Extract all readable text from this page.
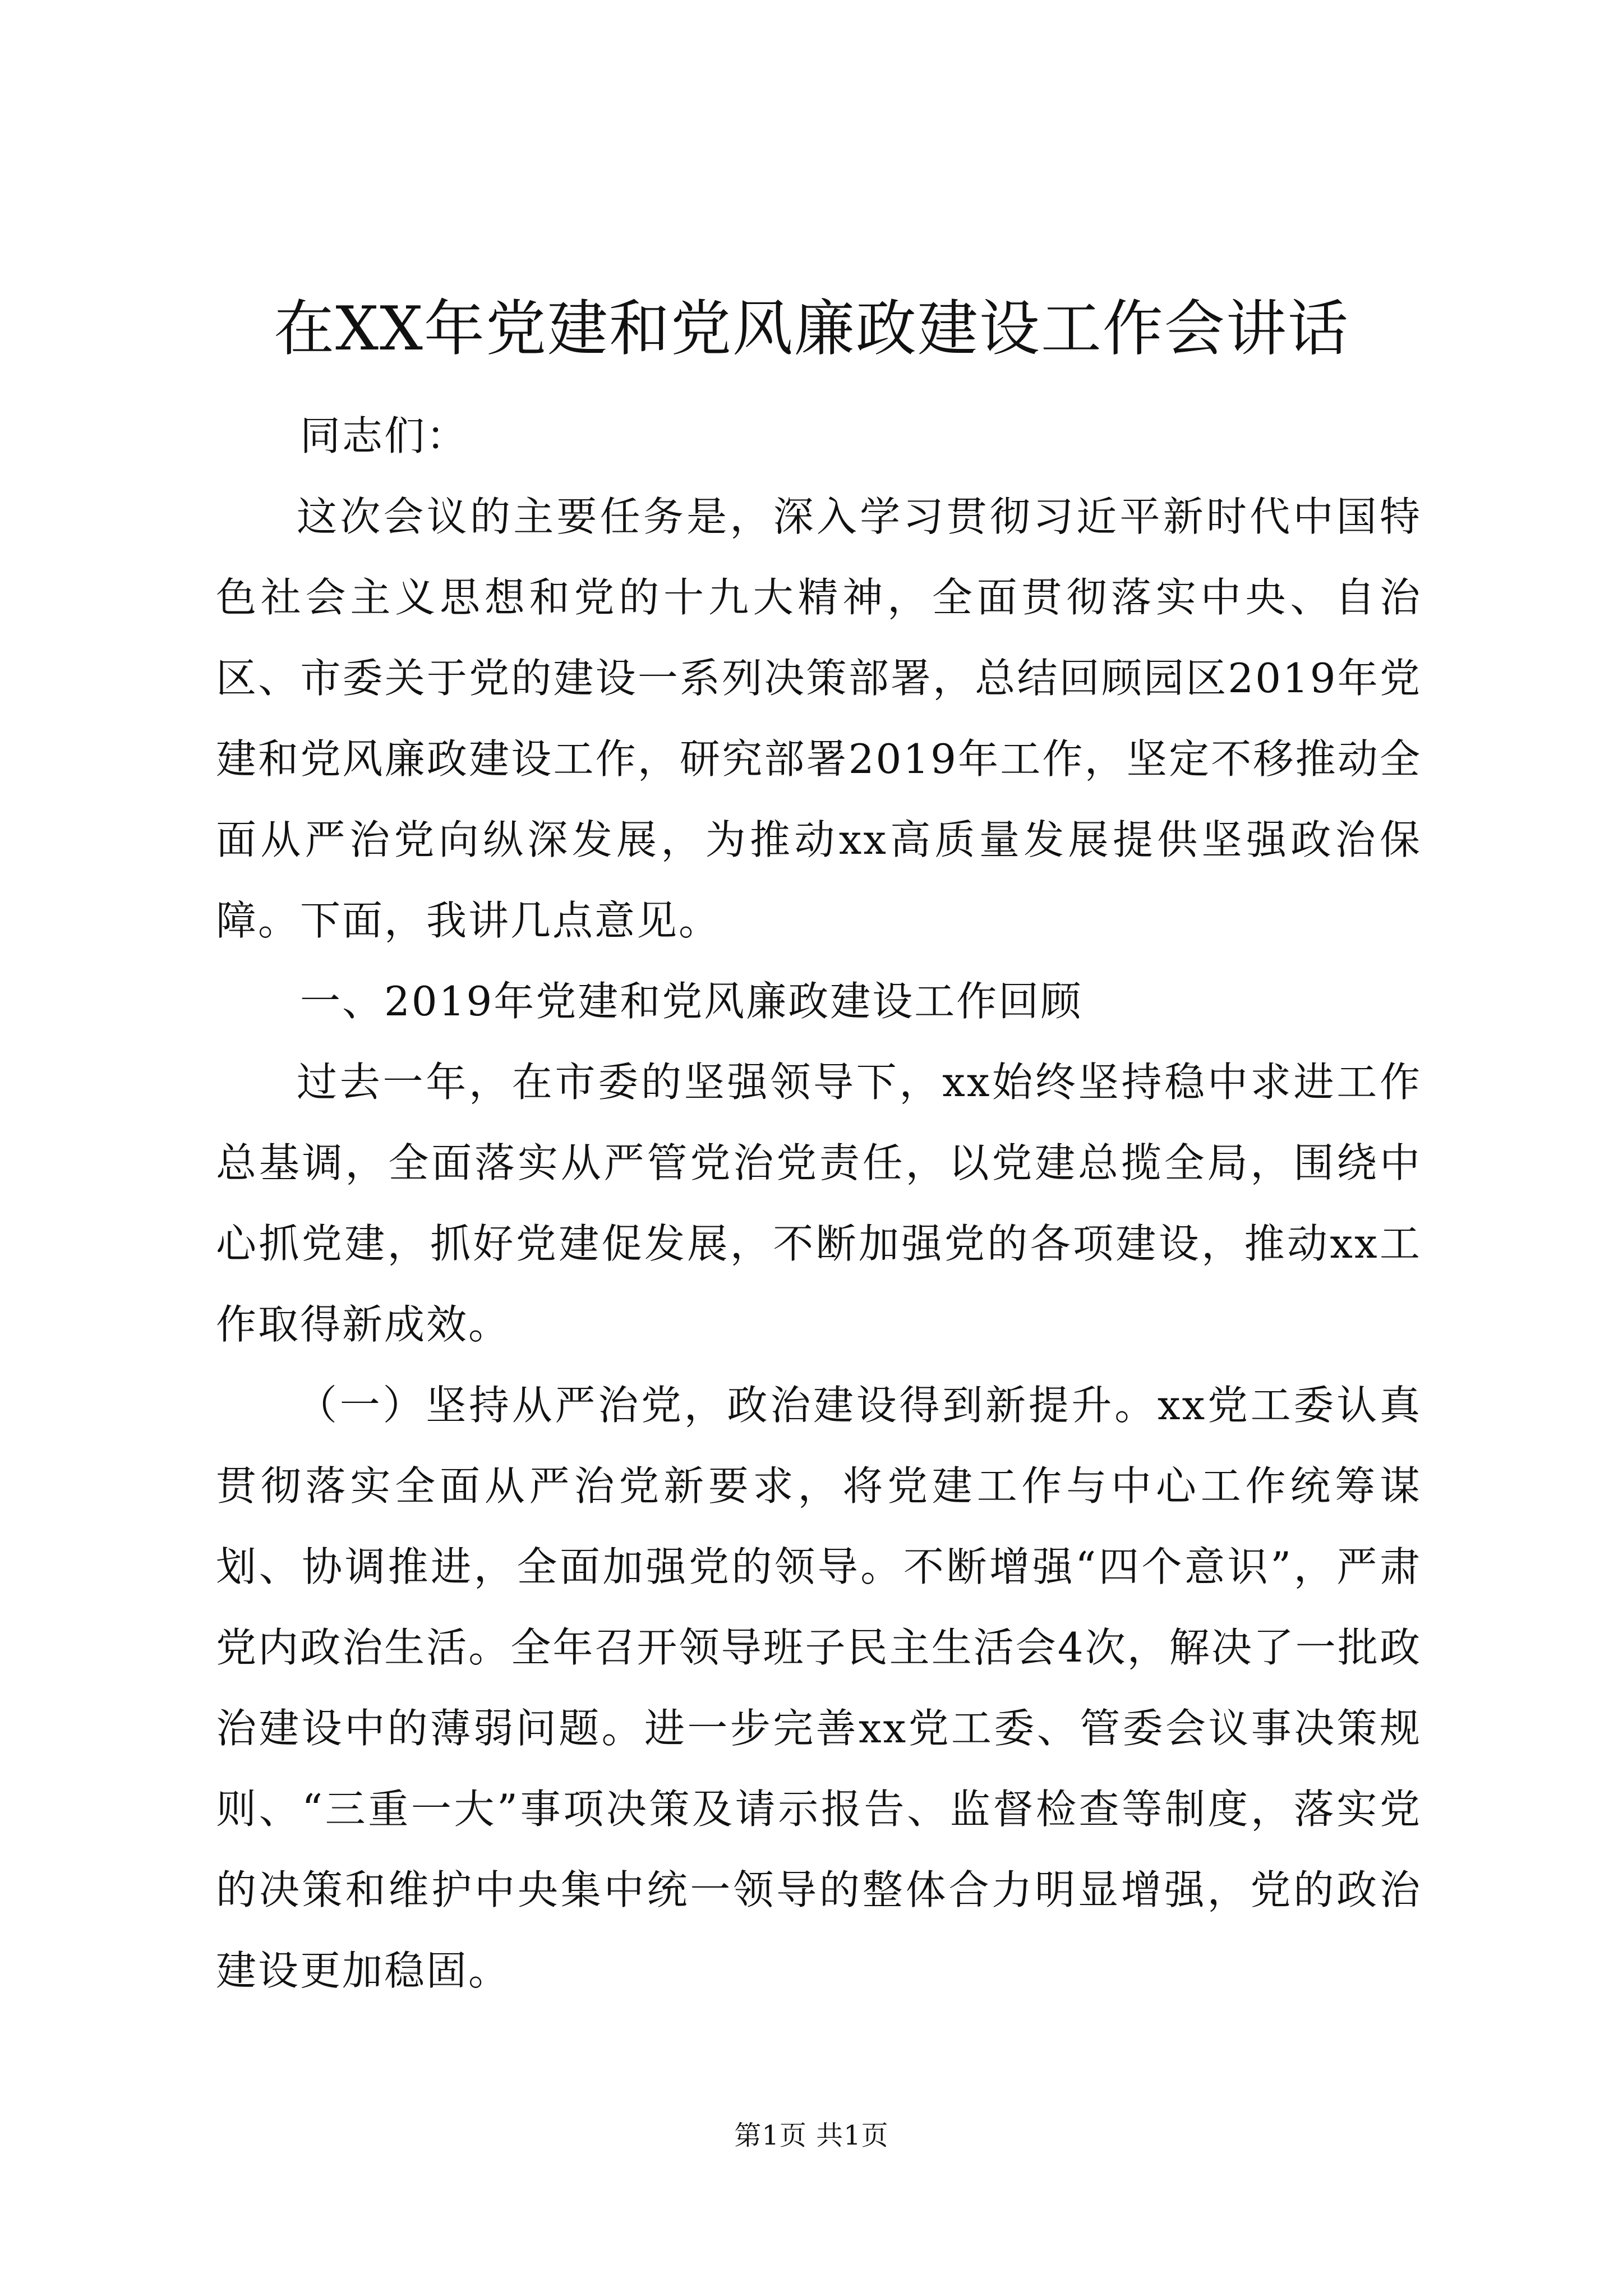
在XX年党建和党风廉政建设工作会讲话

同志们：

这次会议的主要任务是，深入学习贯彻习近平新时代中国特色社会主义思想和党的十九大精神，全面贯彻落实中央、自治区、市委关于党的建设一系列决策部署，总结回顾园区2019年党建和党风廉政建设工作，研究部署2019年工作，坚定不移推动全面从严治党向纵深发展，为推动xx高质量发展提供坚强政治保障。下面，我讲几点意见。

一、2019年党建和党风廉政建设工作回顾

过去一年，在市委的坚强领导下，xx始终坚持稳中求进工作总基调，全面落实从严管党治党责任，以党建总揽全局，围绕中心抓党建，抓好党建促发展，不断加强党的各项建设，推动xx工作取得新成效。

（一）坚持从严治党，政治建设得到新提升。xx党工委认真贯彻落实全面从严治党新要求，将党建工作与中心工作统筹谋划、协调推进，全面加强党的领导。不断增强“四个意识”，严肃党内政治生活。全年召开领导班子民主生活会4次，解决了一批政治建设中的薄弱问题。进一步完善xx党工委、管委会议事决策规则、“三重一大”事项决策及请示报告、监督检查等制度，落实党的决策和维护中央集中统一领导的整体合力明显增强，党的政治建设更加稳固。

第1页 共1页
